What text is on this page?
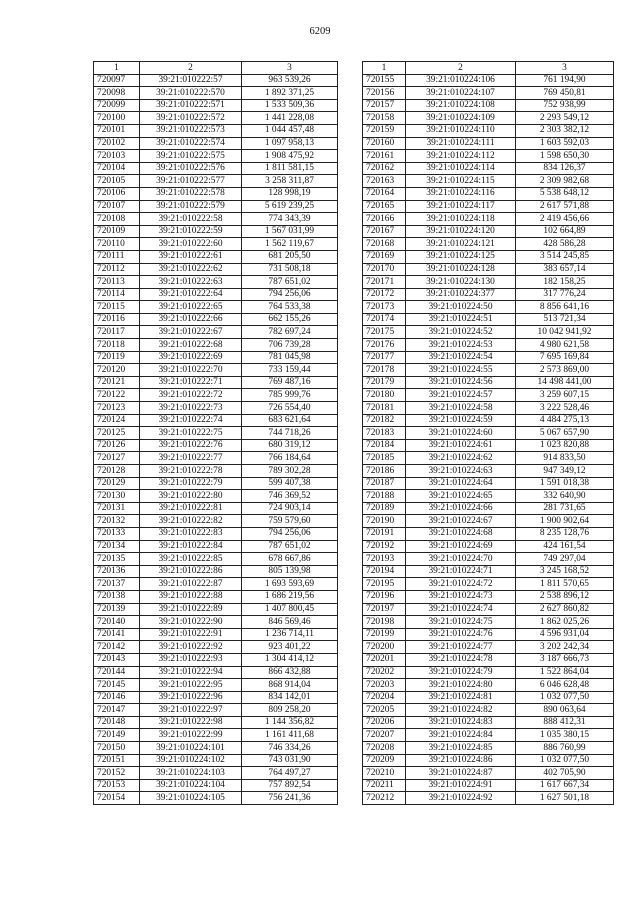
6209
1	2	3
720097	39:21:010222:57	963 539,26
720098	39:21:010222:570	1 892 371,25
720099	39:21:010222:571	1 533 509,36
720100	39:21:010222:572	1 441 228,08
720101	39:21:010222:573	1 044 457,48
720102	39:21:010222:574	1 097 958,13
720103	39:21:010222:575	1 908 475,92
720104	39:21:010222:576	1 811 581,15
720105	39:21:010222:577	3 258 311,87
720106	39:21:010222:578	128 998,19
720107	39:21:010222:579	5 619 239,25
720108	39:21:010222:58	774 343,39
720109	39:21:010222:59	1 567 031,99
720110	39:21:010222:60	1 562 119,67
720111	39:21:010222:61	681 205,50
720112	39:21:010222:62	731 508,18
720113	39:21:010222:63	787 651,02
720114	39:21:010222:64	794 256,06
720115	39:21:010222:65	764 533,38
720116	39:21:010222:66	662 155,26
720117	39:21:010222:67	782 697,24
720118	39:21:010222:68	706 739,28
720119	39:21:010222:69	781 045,98
720120	39:21:010222:70	733 159,44
720121	39:21:010222:71	769 487,16
720122	39:21:010222:72	785 999,76
720123	39:21:010222:73	726 554,40
720124	39:21:010222:74	683 621,64
720125	39:21:010222:75	744 718,26
720126	39:21:010222:76	680 319,12
720127	39:21:010222:77	766 184,64
720128	39:21:010222:78	789 302,28
720129	39:21:010222:79	599 407,38
720130	39:21:010222:80	746 369,52
720131	39:21:010222:81	724 903,14
720132	39:21:010222:82	759 579,60
720133	39:21:010222:83	794 256,06
720134	39:21:010222:84	787 651,02
720135	39:21:010222:85	678 667,86
720136	39:21:010222:86	805 139,98
720137	39:21:010222:87	1 693 593,69
720138	39:21:010222:88	1 686 219,56
720139	39:21:010222:89	1 407 800,45
720140	39:21:010222:90	846 569,46
720141	39:21:010222:91	1 236 714,11
720142	39:21:010222:92	923 401,22
720143	39:21:010222:93	1 304 414,12
720144	39:21:010222:94	866 432,88
720145	39:21:010222:95	868 914,04
720146	39:21:010222:96	834 142,01
720147	39:21:010222:97	809 258,20
720148	39:21:010222:98	1 144 356,82
720149	39:21:010222:99	1 161 411,68
720150	39:21:010224:101	746 334,26
720151	39:21:010224:102	743 031,90
720152	39:21:010224:103	764 497,27
720153	39:21:010224:104	757 892,54
720154	39:21:010224:105	756 241,36
1	2	3
720155	39:21:010224:106	761 194,90
720156	39:21:010224:107	769 450,81
720157	39:21:010224:108	752 938,99
720158	39:21:010224:109	2 293 549,12
720159	39:21:010224:110	2 303 382,12
720160	39:21:010224:111	1 603 592,03
720161	39:21:010224:112	1 598 650,30
720162	39:21:010224:114	834 126,37
720163	39:21:010224:115	2 309 982,68
720164	39:21:010224:116	5 538 648,12
720165	39:21:010224:117	2 617 571,88
720166	39:21:010224:118	2 419 456,66
720167	39:21:010224:120	102 664,89
720168	39:21:010224:121	428 586,28
720169	39:21:010224:125	3 514 245,85
720170	39:21:010224:128	383 657,14
720171	39:21:010224:130	182 158,25
720172	39:21:010224:377	317 776,24
720173	39:21:010224:50	8 856 641,16
720174	39:21:010224:51	513 721,34
720175	39:21:010224:52	10 042 941,92
720176	39:21:010224:53	4 980 621,58
720177	39:21:010224:54	7 695 169,84
720178	39:21:010224:55	2 573 869,00
720179	39:21:010224:56	14 498 441,00
720180	39:21:010224:57	3 259 607,15
720181	39:21:010224:58	3 222 528,46
720182	39:21:010224:59	4 484 275,13
720183	39:21:010224:60	5 067 657,90
720184	39:21:010224:61	1 023 820,88
720185	39:21:010224:62	914 833,50
720186	39:21:010224:63	947 349,12
720187	39:21:010224:64	1 591 018,38
720188	39:21:010224:65	332 640,90
720189	39:21:010224:66	281 731,65
720190	39:21:010224:67	1 900 902,64
720191	39:21:010224:68	8 235 128,76
720192	39:21:010224:69	424 161,54
720193	39:21:010224:70	749 297,04
720194	39:21:010224:71	3 245 168,52
720195	39:21:010224:72	1 811 570,65
720196	39:21:010224:73	2 538 896,12
720197	39:21:010224:74	2 627 860,82
720198	39:21:010224:75	1 862 025,26
720199	39:21:010224:76	4 596 931,04
720200	39:21:010224:77	3 202 242,34
720201	39:21:010224:78	3 187 666,73
720202	39:21:010224:79	1 522 864,04
720203	39:21:010224:80	6 046 628,48
720204	39:21:010224:81	1 032 077,50
720205	39:21:010224:82	890 063,64
720206	39:21:010224:83	888 412,31
720207	39:21:010224:84	1 035 380,15
720208	39:21:010224:85	886 760,99
720209	39:21:010224:86	1 032 077,50
720210	39:21:010224:87	402 705,90
720211	39:21:010224:91	1 617 667,34
720212	39:21:010224:92	1 627 501,18
